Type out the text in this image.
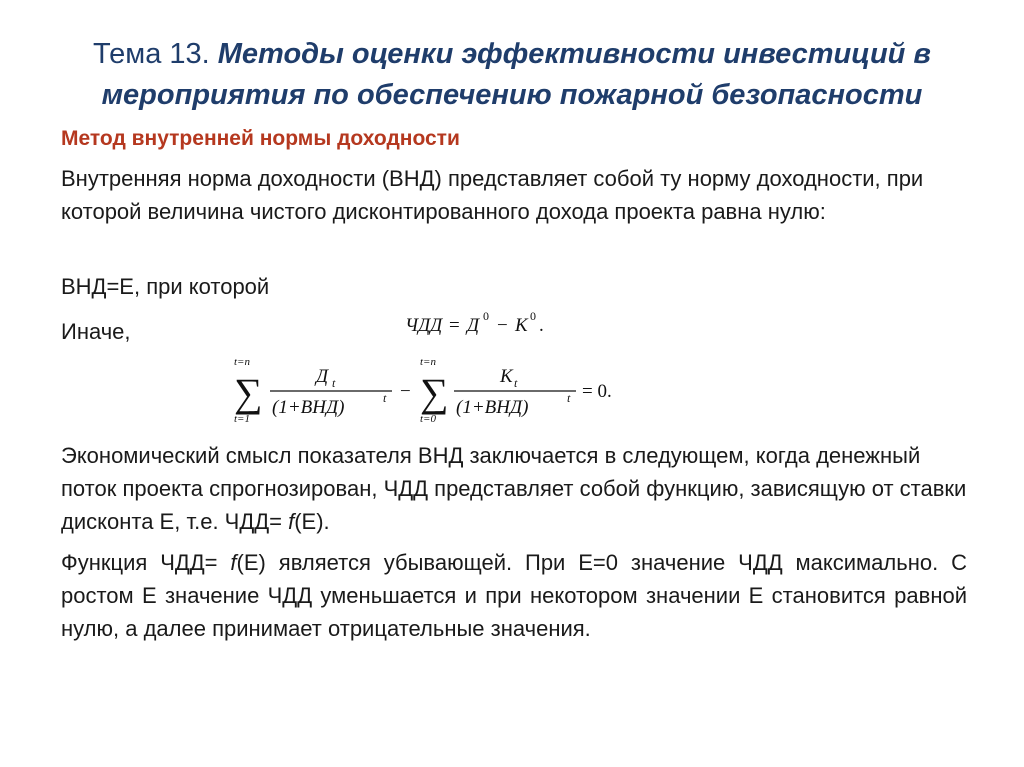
Тема 13. Методы оценки эффективности инвестиций в мероприятия по обеспечению пожарной безопасности
Метод внутренней нормы доходности
Внутренняя норма доходности (ВНД) представляет собой ту норму доходности, при которой величина чистого дисконтированного дохода проекта равна нулю:
ВНД=Е, при которой
Иначе,	ЧДД = Д 0 − К 0 .
t=n
∑
t=1
Д t
(1+ВНД)	t −
t=n
∑
t=0
K t
(1+ВНД)	t = 0.
Экономический смысл показателя ВНД заключается в следующем, когда денежный поток проекта спрогнозирован, ЧДД представляет собой функцию, зависящую от ставки дисконта Е, т.е. ЧДД= f(Е).
Функция ЧДД= f(Е) является убывающей. При Е=0 значение ЧДД максимально. С ростом Е значение ЧДД уменьшается и при некотором значении Е становится равной нулю, а далее принимает отрицательные значения.
